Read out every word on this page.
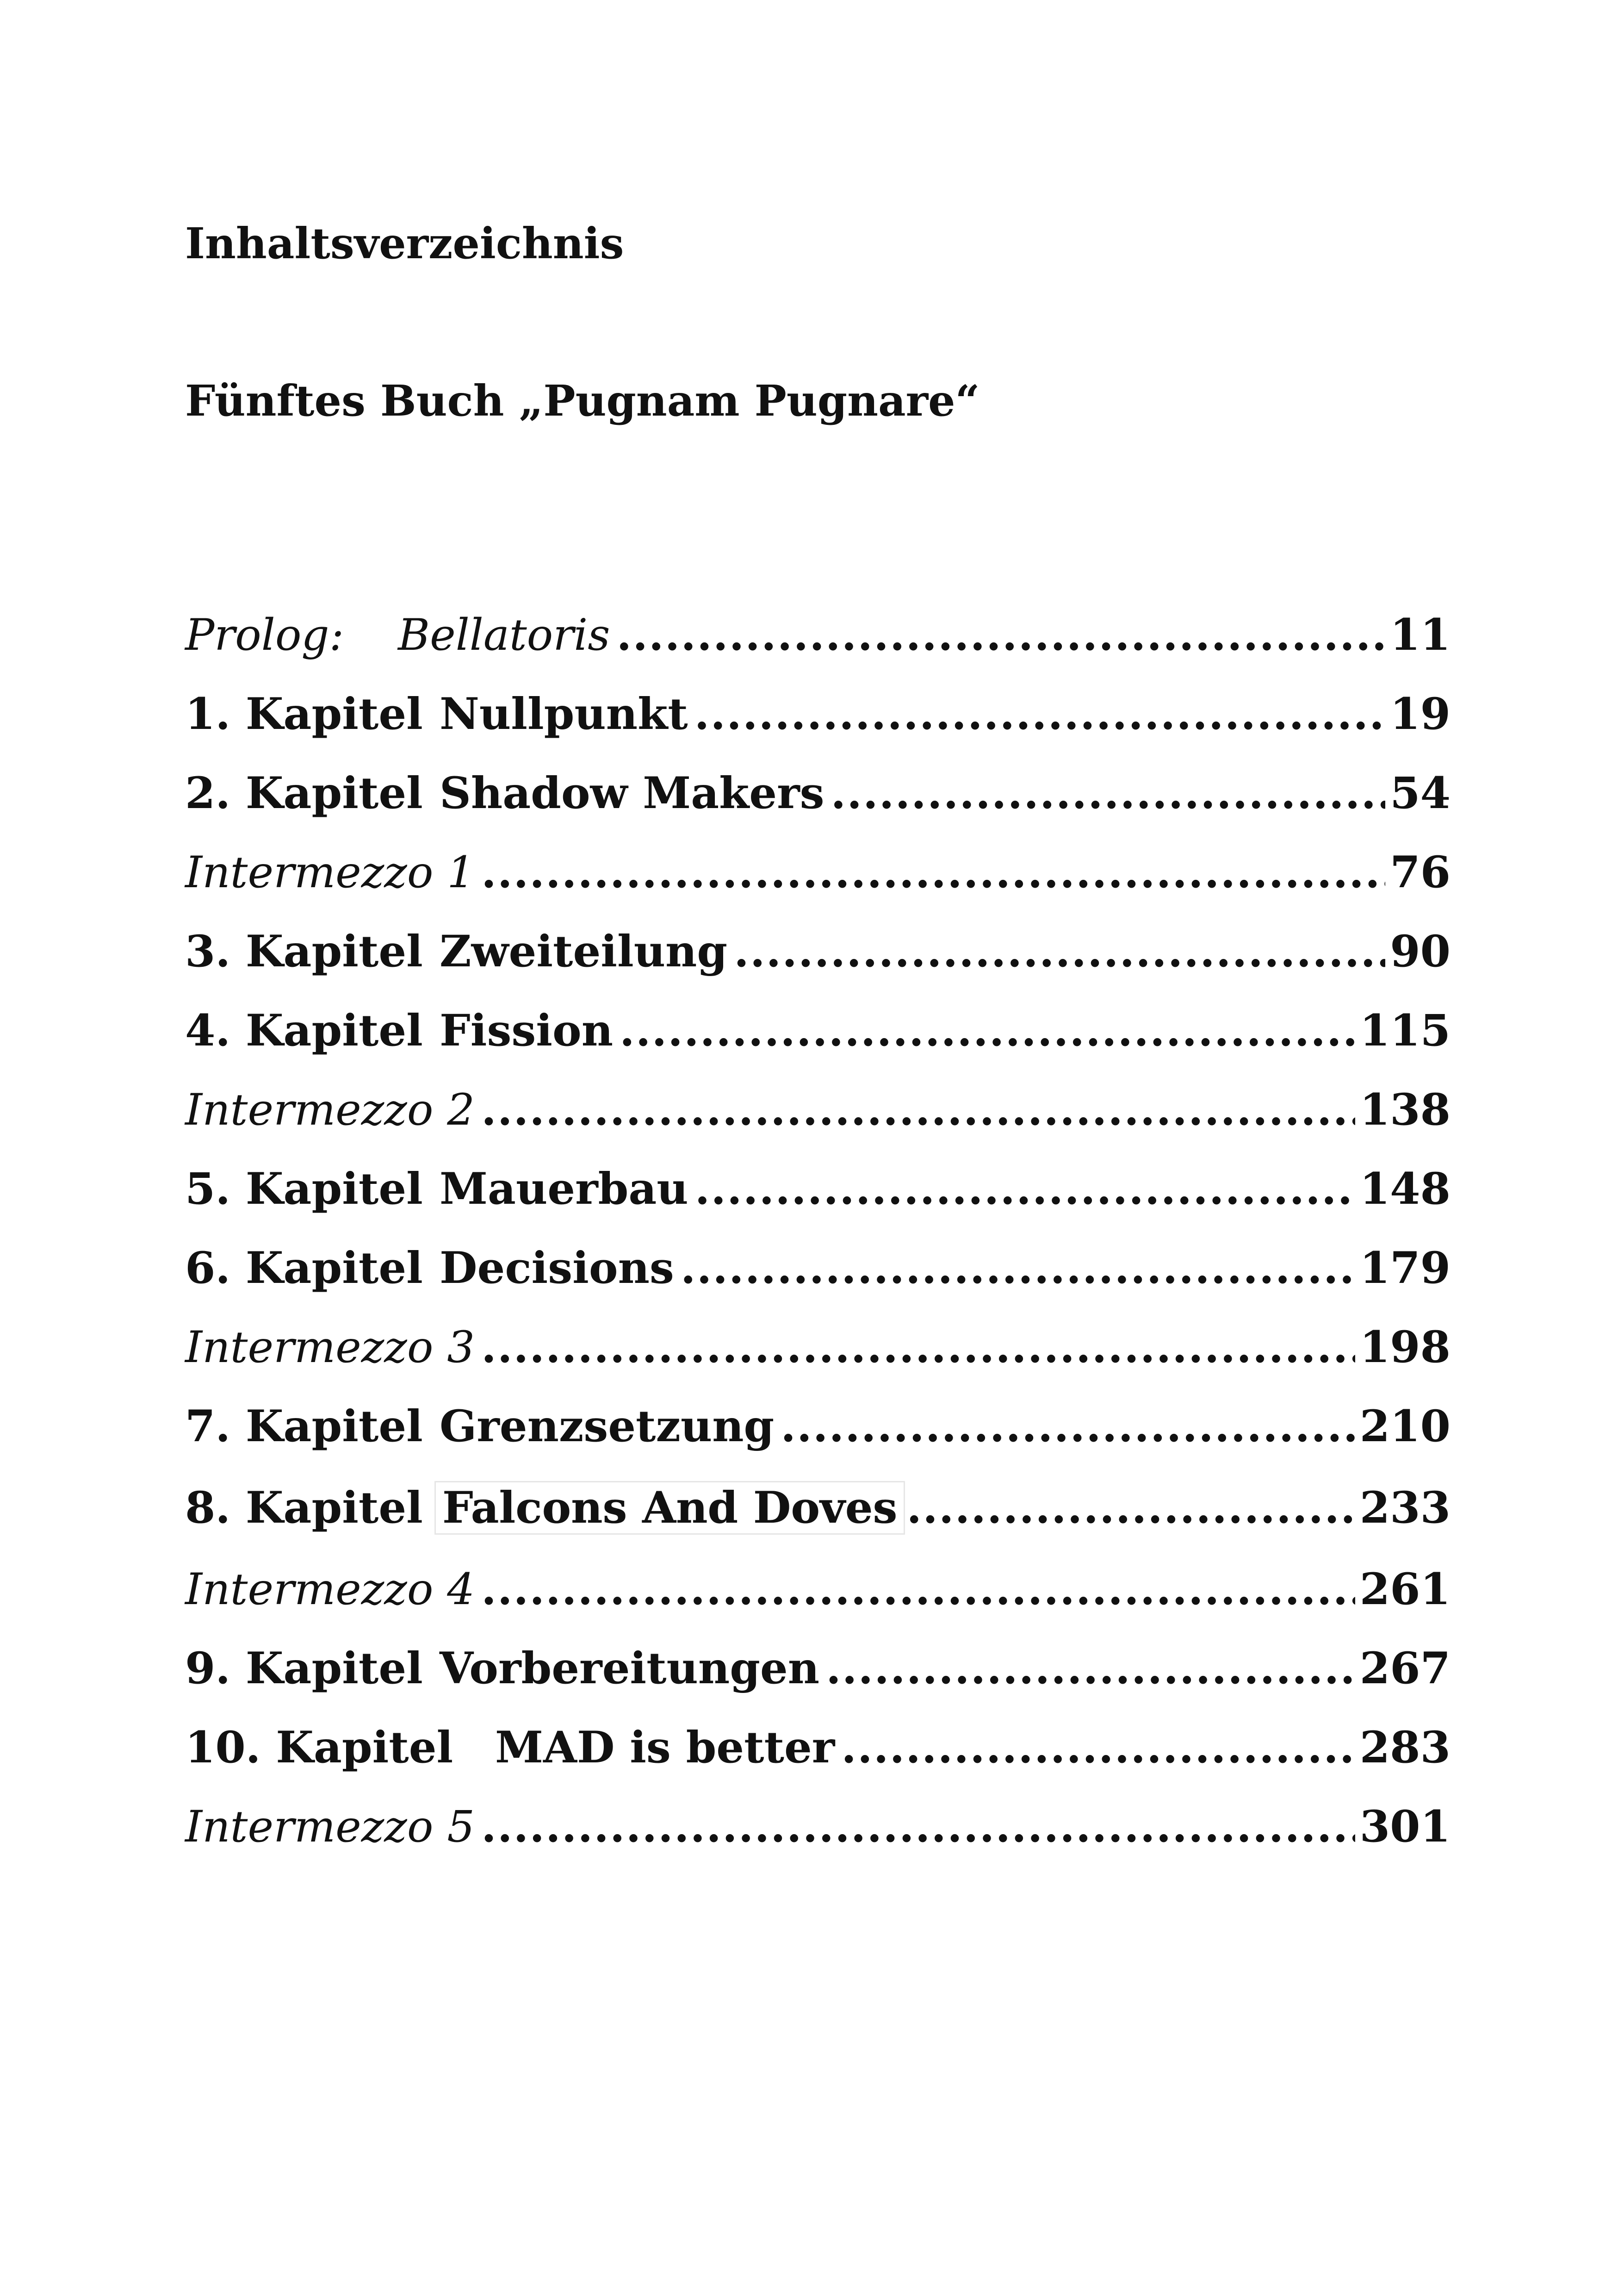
Inhaltsverzeichnis
Fünftes Buch „Pugnam Pugnare“
Prolog:	Bellatoris .....	11
1. Kapitel Nullpunkt .....	19
2. Kapitel Shadow Makers .....	54
Intermezzo 1 .....	76
3. Kapitel Zweiteilung .....	90
4. Kapitel Fission .....	115
Intermezzo 2 .....	138
5. Kapitel Mauerbau .....	148
6. Kapitel Decisions .....	179
Intermezzo 3 .....	198
7. Kapitel Grenzsetzung .....	210
8. Kapitel Falcons And Doves .....	233
Intermezzo 4 .....	261
9. Kapitel Vorbereitungen .....	267
10. Kapitel MAD is better .....	283
Intermezzo 5 .....	301
